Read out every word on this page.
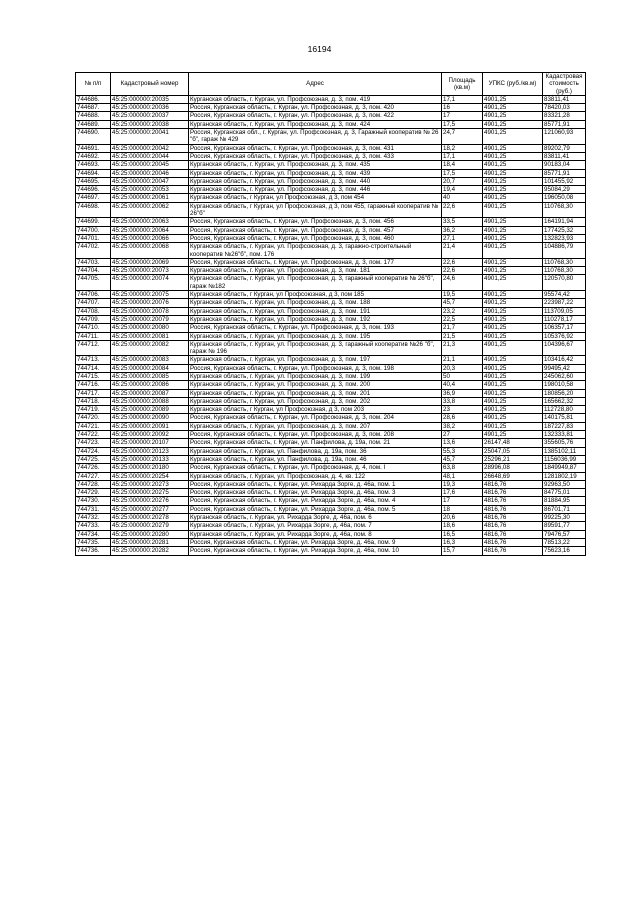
16194
№ п/п	Кадастровый номер	Адрес	Площадь (кв.м)	УПКС (руб./кв.м)	Кадастровая стоимость (руб.)
744686.	45:25:000000:20035	Курганская область, г. Курган, ул. Профсоюзная, д. 3, пом. 419	17,1	4901,25	83811,41
744687.	45:25:000000:20036	Россия, Курганская область, г. Курган, ул. Профсоюзная, д. 3, пом. 420	16	4901,25	78420,03
744688.	45:25:000000:20037	Россия, Курганская область, г. Курган, ул. Профсоюзная, д. 3, пом. 422	17	4901,25	83321,28
744689.	45:25:000000:20038	Курганская область, г. Курган, ул. Профсоюзная, д. 3, пом. 424	17,5	4901,25	85771,91
744690.	45:25:000000:20041	Россия, Курганская обл., г. Курган, ул. Профсоюзная, д. 3, Гаражный кооператив № 26 "б", гараж № 429	24,7	4901,25	121060,93
744691.	45:25:000000:20042	Россия, Курганская область, г. Курган, ул. Профсоюзная, д. 3, пом. 431	18,2	4901,25	89202,79
744692.	45:25:000000:20044	Россия, Курганская область, г. Курган, ул. Профсоюзная, д. 3, пом. 433	17,1	4901,25	83811,41
744693.	45:25:000000:20045	Курганская область, г. Курган, ул. Профсоюзная, д. 3, пом. 435	18,4	4901,25	90183,04
744694.	45:25:000000:20046	Курганская область, г. Курган, ул. Профсоюзная, д. 3, пом. 439	17,5	4901,25	85771,91
744695.	45:25:000000:20047	Курганская область, г. Курган, ул. Профсоюзная, д. 3, пом. 440	20,7	4901,25	101455,92
744696.	45:25:000000:20053	Курганская область, г. Курган, ул. Профсоюзная, д. 3, пом. 446	19,4	4901,25	95084,29
744697.	45:25:000000:20061	Курганская область, г Курган, ул Профсоюзная, д 3, пом 454	40	4901,25	196050,08
744698.	45:25:000000:20062	Курганская область, г Курган, ул Профсоюзная, д 3, пом 455, гаражный кооператив № 26"б"	22,6	4901,25	110768,30
744699.	45:25:000000:20063	Россия, Курганская область, г. Курган, ул. Профсоюзная, д. 3, пом. 456	33,5	4901,25	164191,94
744700.	45:25:000000:20064	Россия, Курганская область, г. Курган, ул. Профсоюзная, д. 3, пом. 457	36,2	4901,25	177425,32
744701.	45:25:000000:20066	Россия, Курганская область, г. Курган, ул. Профсоюзная, д. 3, пом. 460	27,1	4901,25	132823,93
744702.	45:25:000000:20068	Курганская область, г. Курган, ул. Профсоюзная, д. 3, гаражно-строительный кооператив №26"б", пом. 176	21,4	4901,25	104886,79
744703.	45:25:000000:20069	Россия, Курганская область, г. Курган, ул. Профсоюзная, д. 3, пом. 177	22,6	4901,25	110768,30
744704.	45:25:000000:20073	Курганская область, г. Курган, ул. Профсоюзная, д. 3, пом. 181	22,6	4901,25	110768,30
744705.	45:25:000000:20074	Курганская область, г. Курган, ул. Профсоюзная, д. 3, гаражный кооператив № 26"б", гараж №182	24,6	4901,25	120570,80
744706.	45:25:000000:20075	Курганская область, г Курган, ул Профсоюзная, д 3, пом 185	19,5	4901,25	95574,42
744707.	45:25:000000:20076	Курганская область, г. Курган, ул. Профсоюзная, д. 3, пом. 188	45,7	4901,25	223987,22
744708.	45:25:000000:20078	Курганская область, г. Курган, ул. Профсоюзная, д. 3, пом. 191	23,2	4901,25	113709,05
744709.	45:25:000000:20079	Курганская область, г. Курган, ул. Профсоюзная, д. 3, пом. 192	22,5	4901,25	110278,17
744710.	45:25:000000:20080	Россия, Курганская область, г. Курган, ул. Профсоюзная, д. 3, пом. 193	21,7	4901,25	106357,17
744711.	45:25:000000:20081	Курганская область, г. Курган, ул. Профсоюзная, д. 3, пом. 195	21,5	4901,25	105376,92
744712.	45:25:000000:20082	Курганская область, г. Курган, ул. Профсоюзная, д. 3, гаражный кооператив №26 "б", гараж № 196	21,3	4901,25	104396,67
744713.	45:25:000000:20083	Курганская область, г. Курган, ул. Профсоюзная, д. 3, пом. 197	21,1	4901,25	103416,42
744714.	45:25:000000:20084	Россия, Курганская область, г. Курган, ул. Профсоюзная, д. 3, пом. 198	20,3	4901,25	99495,42
744715.	45:25:000000:20085	Курганская область, г. Курган, ул. Профсоюзная, д. 3, пом. 199	50	4901,25	245062,60
744716.	45:25:000000:20086	Курганская область, г. Курган, ул. Профсоюзная, д. 3, пом. 200	40,4	4901,25	198010,58
744717.	45:25:000000:20087	Курганская область, г. Курган, ул. Профсоюзная, д. 3, пом. 201	36,9	4901,25	180856,20
744718.	45:25:000000:20088	Курганская область, г. Курган, ул. Профсоюзная, д. 3, пом. 202	33,8	4901,25	165662,32
744719.	45:25:000000:20089	Курганская область, г Курган, ул Профсоюзная, д 3, пом 203	23	4901,25	112728,80
744720.	45:25:000000:20090	Россия, Курганская область, г. Курган, ул. Профсоюзная, д. 3, пом. 204	28,6	4901,25	140175,81
744721.	45:25:000000:20091	Курганская область, г. Курган, ул. Профсоюзная, д. 3, пом. 207	38,2	4901,25	187227,83
744722.	45:25:000000:20092	Россия, Курганская область, г. Курган, ул. Профсоюзная, д. 3, пом. 208	27	4901,25	132333,81
744723.	45:25:000000:20107	Россия, Курганская область, г. Курган, ул. Панфилова, д. 19а, пом. 21	13,6	26147,48	355605,76
744724.	45:25:000000:20123	Курганская область, г. Курган, ул. Панфилова, д. 19а, пом. 36	55,3	25047,05	1385102,11
744725.	45:25:000000:20133	Курганская область, г. Курган, ул. Панфилова, д. 19а, пом. 46	45,7	25296,21	1156036,99
744726.	45:25:000000:20180	Россия, Курганская область, г. Курган, ул. Профсоюзная, д. 4, пом. I	63,8	28996,08	1849949,87
744727.	45:25:000000:20254	Курганская область, г. Курган, ул. Профсоюзная, д. 4, кв. 122	48,1	26648,69	1281802,19
744728.	45:25:000000:20273	Россия, Курганская область, г. Курган, ул. Рихарда Зорге, д. 46а, пом. 1	19,3	4816,76	92963,50
744729.	45:25:000000:20275	Россия, Курганская область, г. Курган, ул. Рихарда Зорге, д. 46а, пом. 3	17,6	4816,76	84775,01
744730.	45:25:000000:20276	Россия, Курганская область, г. Курган, ул. Рихарда Зорге, д. 46а, пом. 4	17	4816,76	81884,95
744731.	45:25:000000:20277	Россия, Курганская область, г. Курган, ул. Рихарда Зорге, д. 46а, пом. 5	18	4816,76	86701,71
744732.	45:25:000000:20278	Курганская область, г. Курган, ул. Рихарда Зорге, д. 46а, пом. 6	20,6	4816,76	99225,30
744733.	45:25:000000:20279	Курганская область, г. Курган, ул. Рихарда Зорге, д. 46а, пом. 7	18,6	4816,76	89591,77
744734.	45:25:000000:20280	Курганская область, г. Курган, ул. Рихарда Зорге, д. 46а, пом. 8	16,5	4816,76	79476,57
744735.	45:25:000000:20281	Россия, Курганская область, г. Курган, ул. Рихарда Зорге, д. 46а, пом. 9	16,3	4816,76	78513,22
744736.	45:25:000000:20282	Россия, Курганская область, г. Курган, ул. Рихарда Зорге, д. 46а, пом. 10	15,7	4816,76	75623,16
